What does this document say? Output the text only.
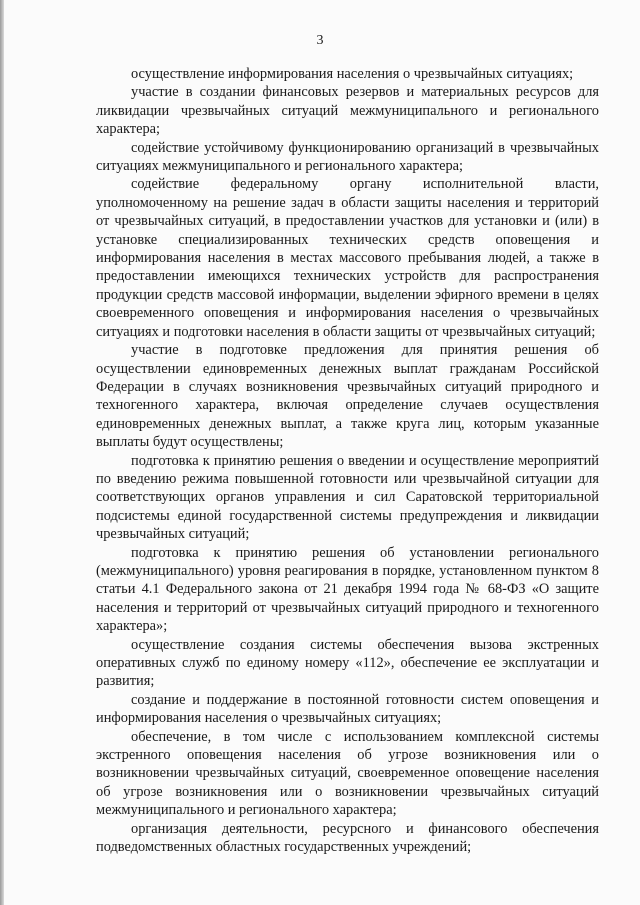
3

осуществление информирования населения о чрезвычайных ситуациях;

участие в создании финансовых резервов и материальных ресурсов для ликвидации чрезвычайных ситуаций межмуниципального и регионального характера;

содействие устойчивому функционированию организаций в чрезвычайных ситуациях межмуниципального и регионального характера;

содействие федеральному органу исполнительной власти, уполномоченному на решение задач в области защиты населения и территорий от чрезвычайных ситуаций, в предоставлении участков для установки и (или) в установке специализированных технических средств оповещения и информирования населения в местах массового пребывания людей, а также в предоставлении имеющихся технических устройств для распространения продукции средств массовой информации, выделении эфирного времени в целях своевременного оповещения и информирования населения о чрезвычайных ситуациях и подготовки населения в области защиты от чрезвычайных ситуаций;

участие в подготовке предложения для принятия решения об осуществлении единовременных денежных выплат гражданам Российской Федерации в случаях возникновения чрезвычайных ситуаций природного и техногенного характера, включая определение случаев осуществления единовременных денежных выплат, а также круга лиц, которым указанные выплаты будут осуществлены;

подготовка к принятию решения о введении и осуществление мероприятий по введению режима повышенной готовности или чрезвычайной ситуации для соответствующих органов управления и сил Саратовской территориальной подсистемы единой государственной системы предупреждения и ликвидации чрезвычайных ситуаций;

подготовка к принятию решения об установлении регионального (межмуниципального) уровня реагирования в порядке, установленном пунктом 8 статьи 4.1 Федерального закона от 21 декабря 1994 года № 68-ФЗ «О защите населения и территорий от чрезвычайных ситуаций природного и техногенного характера»;

осуществление создания системы обеспечения вызова экстренных оперативных служб по единому номеру «112», обеспечение ее эксплуатации и развития;

создание и поддержание в постоянной готовности систем оповещения и информирования населения о чрезвычайных ситуациях;

обеспечение, в том числе с использованием комплексной системы экстренного оповещения населения об угрозе возникновения или о возникновении чрезвычайных ситуаций, своевременное оповещение населения об угрозе возникновения или о возникновении чрезвычайных ситуаций межмуниципального и регионального характера;

организация деятельности, ресурсного и финансового обеспечения подведомственных областных государственных учреждений;
